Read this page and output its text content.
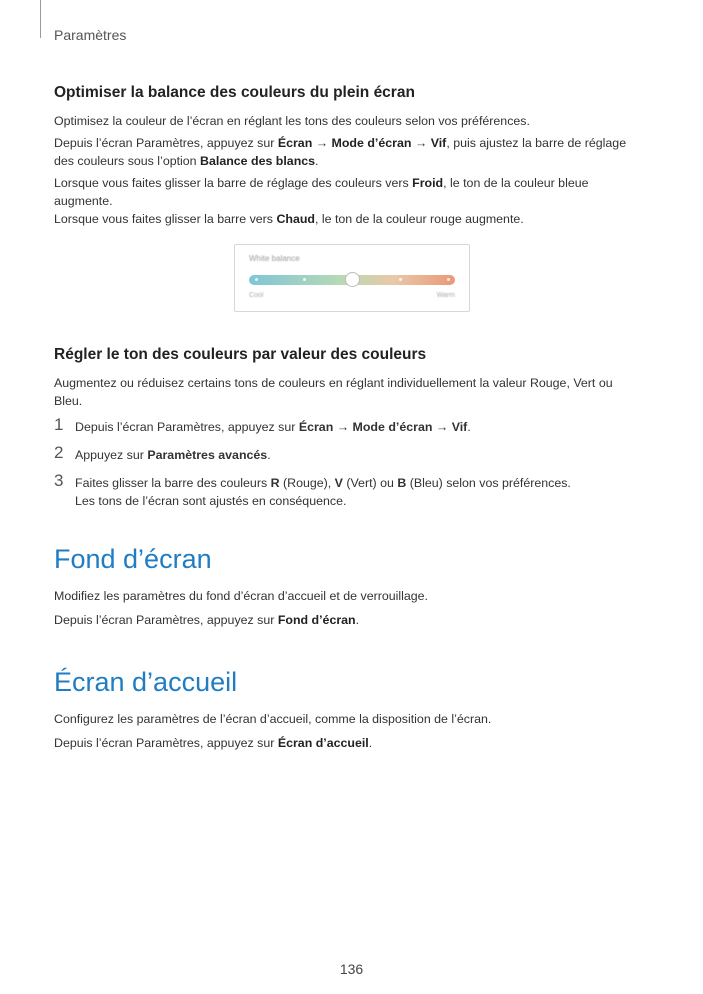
Paramètres
Optimiser la balance des couleurs du plein écran

Optimisez la couleur de l’écran en réglant les tons des couleurs selon vos préférences.

Depuis l’écran Paramètres, appuyez sur Écran → Mode d’écran → Vif, puis ajustez la barre de réglage des couleurs sous l’option Balance des blancs.

Lorsque vous faites glisser la barre de réglage des couleurs vers Froid, le ton de la couleur bleue augmente.

Lorsque vous faites glisser la barre vers Chaud, le ton de la couleur rouge augmente.

White balance
Cool	Warm
Régler le ton des couleurs par valeur des couleurs

Augmentez ou réduisez certains tons de couleurs en réglant individuellement la valeur Rouge, Vert ou Bleu.

1 Depuis l’écran Paramètres, appuyez sur Écran → Mode d’écran → Vif.
2 Appuyez sur Paramètres avancés.
3 Faites glisser la barre des couleurs R (Rouge), V (Vert) ou B (Bleu) selon vos préférences.
Les tons de l’écran sont ajustés en conséquence.
Fond d’écran

Modifiez les paramètres du fond d’écran d’accueil et de verrouillage.

Depuis l’écran Paramètres, appuyez sur Fond d’écran.

Écran d’accueil

Configurez les paramètres de l’écran d’accueil, comme la disposition de l’écran.

Depuis l’écran Paramètres, appuyez sur Écran d’accueil.

136
